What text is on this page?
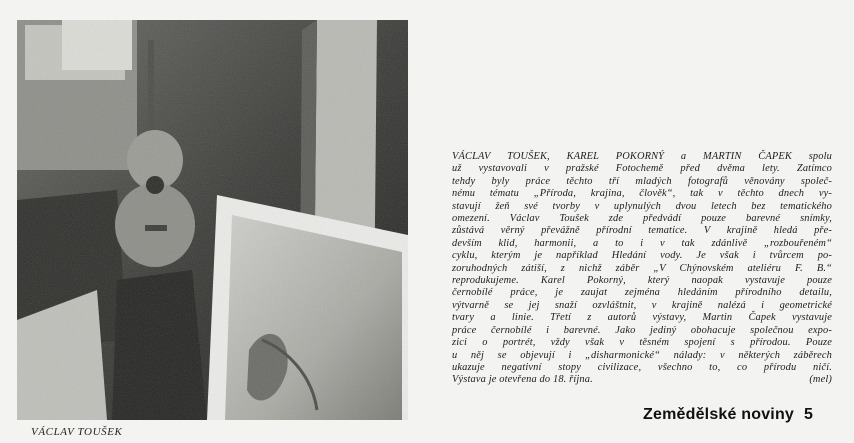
VÁCLAV TOUŠEK
VÁCLAV TOUŠEK, KAREL POKORNÝ a MARTIN ČAPEK spolu
už vystavovali v pražské Fotochemě před dvěma lety. Zatímco
tehdy byly práce těchto tří mladých fotografů věnovány společ-
nému tématu „Příroda, krajina, člověk“, tak v těchto dnech vy-
stavují žeň své tvorby v uplynulých dvou letech bez tematického
omezení. Václav Toušek zde předvádí pouze barevné snímky,
zůstává věrný převážně přírodní tematice. V krajině hledá pře-
devším klid, harmonii, a to i v tak zdánlivě „rozbouřeném“
cyklu, kterým je například Hledání vody. Je však i tvůrcem po-
zoruhodných zátiší, z nichž záběr „V Chýnovském ateliéru F. B.“
reprodukujeme. Karel Pokorný, který naopak vystavuje pouze
černobílé práce, je zaujat zejména hledáním přírodního detailu,
výtvarně se jej snaží ozvláštnit, v krajině nalézá i geometrické
tvary a linie. Třetí z autorů výstavy, Martin Čapek vystavuje
práce černobílé i barevné. Jako jediný obohacuje společnou expo-
zici o portrét, vždy však v těsném spojení s přírodou. Pouze
u něj se objevují i „disharmonické“ nálady: v některých záběrech
ukazuje negativní stopy civilizace, všechno to, co přírodu ničí.
Výstava je otevřena do 18. října.	(mel)
Zemědělské noviny 5
